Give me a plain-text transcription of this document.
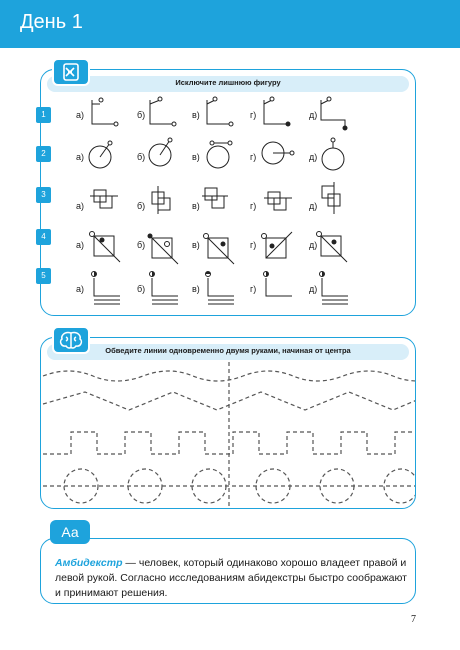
День 1
Исключите лишнюю фигуру
1
2
3
4
5
а)	б)	в)	г)	д)
а)	б)	в)	г)	д)
а)	б)	в)	г)	д)
а)	б)	в)	г)	д)
а)	б)	в)	г)	д)
Обведите линии одновременно двумя руками, начиная от центра
Аа
Амбидекстр — человек, который одинаково хорошо владеет правой и левой рукой. Согласно исследованиям абидекстры быстро соображают и принимают решения.
7
